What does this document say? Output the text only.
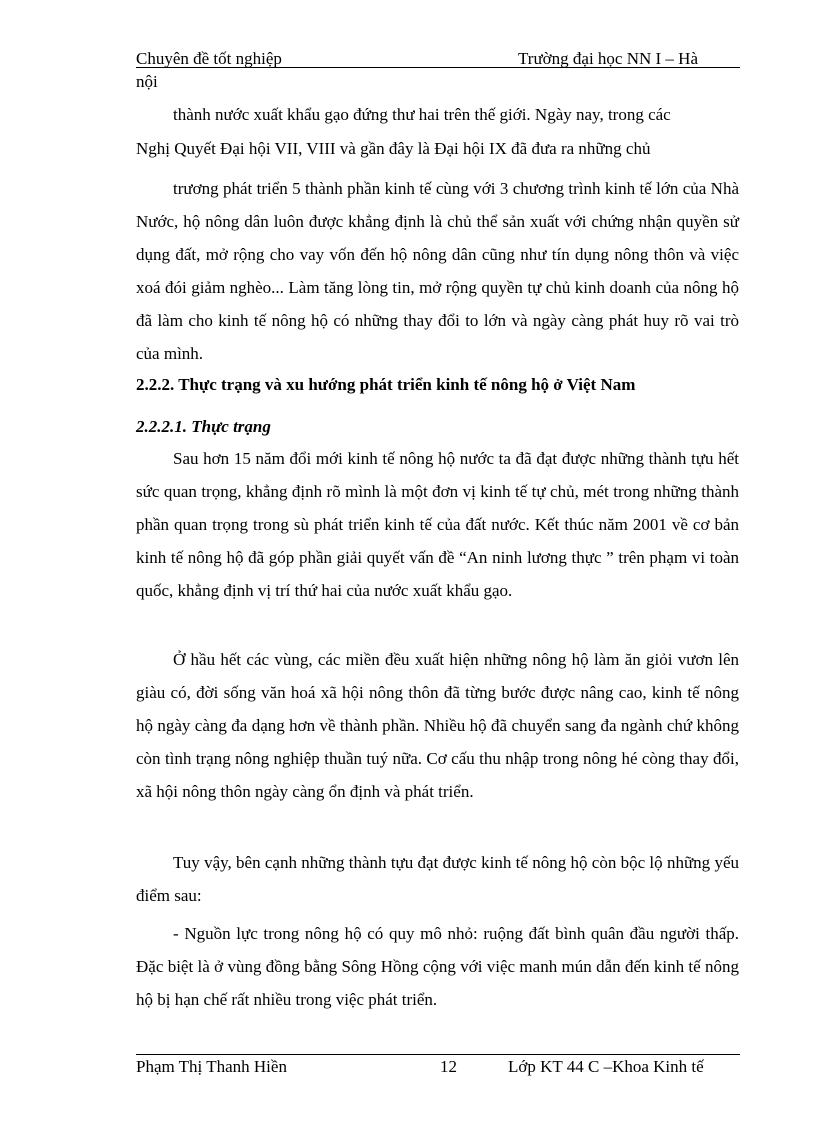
Chuyên đề tốt nghiệp	Trường đại học NN I – Hà
nội
thành nước xuất khẩu gạo đứng thư hai trên thế giới. Ngày nay, trong các
Nghị Quyết Đại hội VII, VIII và gần đây là Đại hội IX đã đưa ra những chủ
trương phát triển 5 thành phần kinh tế cùng với 3 chương trình kinh tế lớn của Nhà Nước, hộ nông dân luôn được khẳng định là chủ thể sản xuất với chứng nhận quyền sử dụng đất, mở rộng cho vay vốn đến hộ nông dân cũng như tín dụng nông thôn và việc xoá đói giảm nghèo... Làm tăng lòng tin, mở rộng quyền tự chủ kinh doanh của nông hộ đã làm cho kinh tế nông hộ có những thay đổi to lớn và ngày càng phát huy rõ vai trò của mình.
2.2.2. Thực trạng và xu hướng phát triển kinh tế nông hộ ở Việt Nam
2.2.2.1. Thực trạng
Sau hơn 15 năm đổi mới kinh tế nông hộ nước ta đã đạt được những thành tựu hết sức quan trọng, khẳng định rõ mình là một đơn vị kinh tế tự chủ, mét trong những thành phần quan trọng trong sù phát triển kinh tế của đất nước. Kết thúc năm 2001 về cơ bản kinh tế nông hộ đã góp phần giải quyết vấn đề “An ninh lương thực ” trên phạm vi toàn quốc, khẳng định vị trí thứ hai của nước xuất khẩu gạo.
Ở hầu hết các vùng, các miền đều xuất hiện những nông hộ làm ăn giỏi vươn lên giàu có, đời sống văn hoá xã hội nông thôn đã từng bước được nâng cao, kinh tế nông hộ ngày càng đa dạng hơn về thành phần. Nhiều hộ đã chuyển sang đa ngành chứ không còn tình trạng nông nghiệp thuần tuý nữa. Cơ cấu thu nhập trong nông hé còng thay đổi, xã hội nông thôn ngày càng ổn định và phát triển.
Tuy vậy, bên cạnh những thành tựu đạt được kinh tế nông hộ còn bộc lộ những yếu điểm sau:
- Nguồn lực trong nông hộ có quy mô nhỏ: ruộng đất bình quân đầu người thấp. Đặc biệt là ở vùng đồng bằng Sông Hồng cộng với việc manh mún dẫn đến kinh tế nông hộ bị hạn chế rất nhiều trong việc phát triển.
Phạm Thị Thanh Hiền	12	Lớp KT 44 C –Khoa Kinh tế
